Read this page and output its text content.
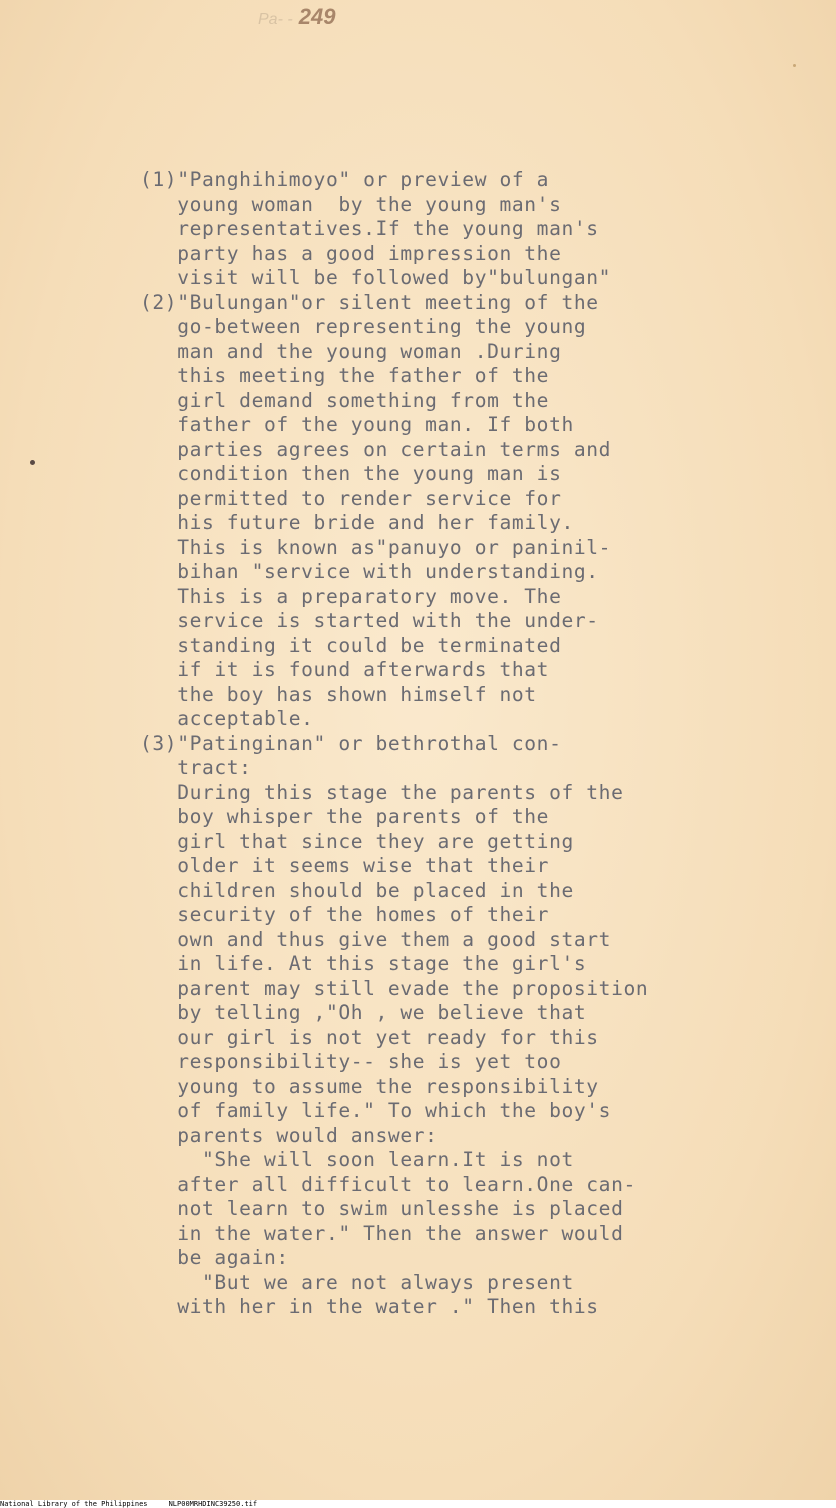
Pa- - 249
(1)"Panghihimoyo" or preview of a
young woman  by the young man's
representatives.If the young man's
party has a good impression the
visit will be followed by"bulungan"
(2)"Bulungan"or silent meeting of the
go-between representing the young
man and the young woman .During
this meeting the father of the
girl demand something from the
father of the young man. If both
parties agrees on certain terms and
condition then the young man is
permitted to render service for
his future bride and her family.
This is known as"panuyo or paninil-
bihan "service with understanding.
This is a preparatory move. The
service is started with the under-
standing it could be terminated
if it is found afterwards that
the boy has shown himself not
acceptable.
(3)"Patinginan" or bethrothal con-
tract:
During this stage the parents of the
boy whisper the parents of the
girl that since they are getting
older it seems wise that their
children should be placed in the
security of the homes of their
own and thus give them a good start
in life. At this stage the girl's
parent may still evade the proposition
by telling ,"Oh , we believe that
our girl is not yet ready for this
responsibility-- she is yet too
young to assume the responsibility
of family life." To which the boy's
parents would answer:
"She will soon learn.It is not
after all difficult to learn.One can-
not learn to swim unlesshe is placed
in the water." Then the answer would
be again:
"But we are not always present
with her in the water ." Then this
National Library of the Philippines	NLP00MRHDINC39250.tif
